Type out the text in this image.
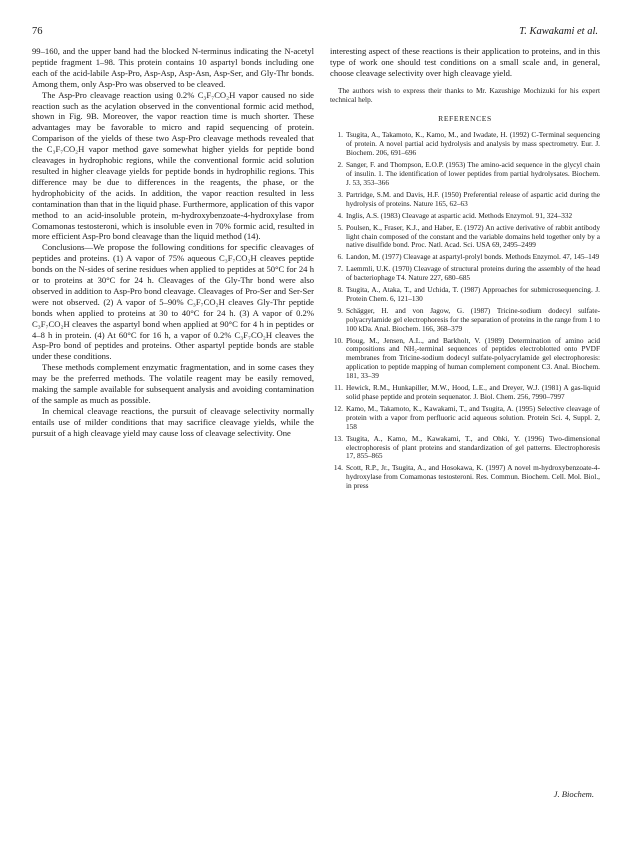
76	T. Kawakami et al.

99–160, and the upper band had the blocked N-terminus indicating the N-acetyl peptide fragment 1–98. This protein contains 10 aspartyl bonds including one each of the acid-labile Asp-Pro, Asp-Asp, Asp-Asn, Asp-Ser, and Gly-Thr bonds. Among them, only Asp-Pro was observed to be cleaved.

The Asp-Pro cleavage reaction using 0.2% C₃F₇CO₂H vapor caused no side reaction such as the acylation observed in the conventional formic acid method, shown in Fig. 9B. Moreover, the vapor reaction time is much shorter. These advantages may be favorable to micro and rapid sequencing of protein. Comparison of the yields of these two Asp-Pro cleavage methods revealed that the C₃F₇CO₂H vapor method gave somewhat higher yields for peptide bond cleavages in hydrophobic regions, while the conventional formic acid solution resulted in higher cleavage yields for peptide bonds in hydrophilic regions. This difference may be due to differences in the reagents, the phase, or the hydrophobicity of the acids. In addition, the vapor reaction resulted in less contamination than that in the liquid phase. Furthermore, application of this vapor method to an acid-insoluble protein, m-hydroxybenzoate-4-hydroxylase from Comamonas testosteroni, which is insoluble even in 70% formic acid, resulted in more efficient Asp-Pro bond cleavage than the liquid method (14).

Conclusions—We propose the following conditions for specific cleavages of peptides and proteins. (1) A vapor of 75% aqueous C₃F₇CO₂H cleaves peptide bonds on the N-sides of serine residues when applied to peptides at 50°C for 24 h or to proteins at 30°C for 24 h. Cleavages of the Gly-Thr bond were also observed in addition to Asp-Pro bond cleavage. Cleavages of Pro-Ser and Ser-Ser were not observed. (2) A vapor of 5–90% C₃F₇CO₂H cleaves Gly-Thr peptide bonds when applied to proteins at 30 to 40°C for 24 h. (3) A vapor of 0.2% C₃F₇CO₂H cleaves the aspartyl bond when applied at 90°C for 4 h in peptides or 4–8 h in protein. (4) At 60°C for 16 h, a vapor of 0.2% C₃F₇CO₂H cleaves the Asp-Pro bond of peptides and proteins. Other aspartyl peptide bonds are stable under these conditions.

These methods complement enzymatic fragmentation, and in some cases they may be the preferred methods. The volatile reagent may be easily removed, making the sample available for subsequent analysis and avoiding contamination of the sample as much as possible.

In chemical cleavage reactions, the pursuit of cleavage selectivity normally entails use of milder conditions that may sacrifice cleavage yields, while the pursuit of a high cleavage yield may cause loss of cleavage selectivity. One

interesting aspect of these reactions is their application to proteins, and in this type of work one should test conditions on a small scale and, in general, choose cleavage selectivity over high cleavage yield.

The authors wish to express their thanks to Mr. Kazushige Mochizuki for his expert technical help.

REFERENCES
1. Tsugita, A., Takamoto, K., Kamo, M., and Iwadate, H. (1992) C-Terminal sequencing of protein. A novel partial acid hydrolysis and analysis by mass spectrometry. Eur. J. Biochem. 206, 691–696
2. Sanger, F. and Thompson, E.O.P. (1953) The amino-acid sequence in the glycyl chain of insulin. 1. The identification of lower peptides from partial hydrolysates. Biochem. J. 53, 353–366
3. Partridge, S.M. and Davis, H.F. (1950) Preferential release of aspartic acid during the hydrolysis of proteins. Nature 165, 62–63
4. Inglis, A.S. (1983) Cleavage at aspartic acid. Methods Enzymol. 91, 324–332
5. Poulsen, K., Fraser, K.J., and Haber, E. (1972) An active derivative of rabbit antibody light chain composed of the constant and the variable domains held together only by a native disulfide bond. Proc. Natl. Acad. Sci. USA 69, 2495–2499
6. Landon, M. (1977) Cleavage at aspartyl-prolyl bonds. Methods Enzymol. 47, 145–149
7. Laemmli, U.K. (1970) Cleavage of structural proteins during the assembly of the head of bacteriophage T4. Nature 227, 680–685
8. Tsugita, A., Ataka, T., and Uchida, T. (1987) Approaches for submicrosequencing. J. Protein Chem. 6, 121–130
9. Schägger, H. and von Jagow, G. (1987) Tricine-sodium dodecyl sulfate-polyacrylamide gel electrophoresis for the separation of proteins in the range from 1 to 100 kDa. Anal. Biochem. 166, 368–379
10. Ploug, M., Jensen, A.L., and Barkholt, V. (1989) Determination of amino acid compositions and NH₂-terminal sequences of peptides electroblotted onto PVDF membranes from Tricine-sodium dodecyl sulfate-polyacrylamide gel electrophoresis: application to peptide mapping of human complement component C3. Anal. Biochem. 181, 33–39
11. Hewick, R.M., Hunkapiller, M.W., Hood, L.E., and Dreyer, W.J. (1981) A gas-liquid solid phase peptide and protein sequenator. J. Biol. Chem. 256, 7990–7997
12. Kamo, M., Takamoto, K., Kawakami, T., and Tsugita, A. (1995) Selective cleavage of protein with a vapor from perfluoric acid aqueous solution. Protein Sci. 4, Suppl. 2, 158
13. Tsugita, A., Kamo, M., Kawakami, T., and Ohki, Y. (1996) Two-dimensional electrophoresis of plant proteins and standardization of gel patterns. Electrophoresis 17, 855–865
14. Scott, R.P., Jr., Tsugita, A., and Hosokawa, K. (1997) A novel m-hydroxybenzoate-4-hydroxylase from Comamonas testosteroni. Res. Commun. Biochem. Cell. Mol. Biol., in press
J. Biochem.
